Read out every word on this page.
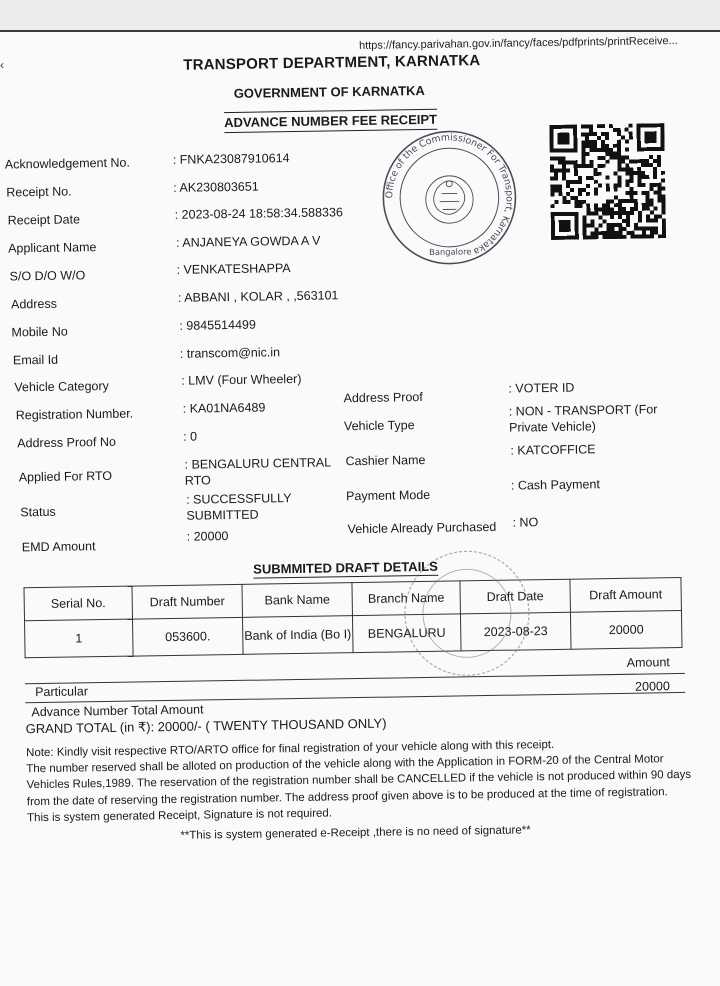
‹
https://fancy.parivahan.gov.in/fancy/faces/pdfprints/printReceive...
TRANSPORT DEPARTMENT, KARNATKA
GOVERNMENT OF KARNATKA
ADVANCE NUMBER FEE RECEIPT
Acknowledgement No.	: FNKA23087910614
Receipt No.	: AK230803651
Receipt Date	: 2023-08-24 18:58:34.588336
Applicant Name	: ANJANEYA GOWDA A V
S/O D/O W/O	: VENKATESHAPPA
Address	: ABBANI , KOLAR , ,563101
Mobile No	: 9845514499
Email Id	: transcom@nic.in
Vehicle Category	: LMV (Four Wheeler)
Registration Number.	: KA01NA6489
Address Proof No	: 0
Applied For RTO
: BENGALURU CENTRAL RTO
Status
: SUCCESSFULLY SUBMITTED
EMD Amount
: 20000
Address Proof
: VOTER ID
Vehicle Type
: NON - TRANSPORT (For Private Vehicle)
Cashier Name
: KATCOFFICE
Payment Mode
: Cash Payment
Vehicle Already Purchased : NO
Office of the Commissioner For Transport, Karnataka
Bangalore
SUBMMITED DRAFT DETAILS
Serial No.	Draft Number	Bank Name	Branch Name	Draft Date	Draft Amount
1	053600.	Bank of India (Bo I)	BENGALURU	2023-08-23	20000
Amount
Particular	20000
Advance Number Total Amount
GRAND TOTAL (in ₹): 20000/- ( TWENTY THOUSAND ONLY)

Note: Kindly visit respective RTO/ARTO office for final registration of your vehicle along with this receipt.

The number reserved shall be alloted on production of the vehicle along with the Application in FORM-20 of the Central Motor Vehicles Rules,1989. The reservation of the registration number shall be CANCELLED if the vehicle is not produced within 90 days from the date of reserving the registration number. The address proof given above is to be produced at the time of registration.

This is system generated Receipt, Signature is not required.

**This is system generated e-Receipt ,there is no need of signature**
